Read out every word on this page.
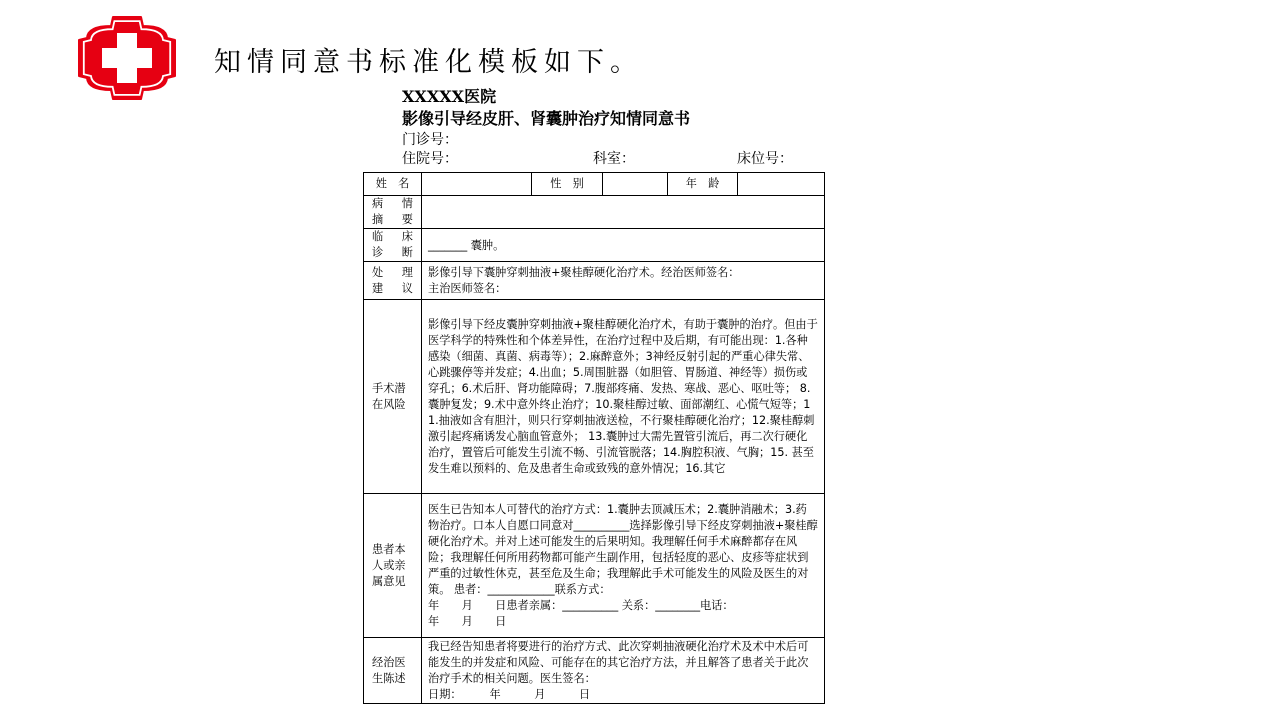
知情同意书标准化模板如下。
XXXXX医院
影像引导经皮肝、肾囊肿治疗知情同意书
门诊号：
住院号：	科室：	床位号：
姓　名		性　别		年　龄	
病　情 摘　要					
临　床 诊　断	_______ 囊肿。				
处　理 建　议	影像引导下囊肿穿刺抽液+聚桂醇硬化治疗术。经治医师签名：
主治医师签名：				

手术潜在风险	影像引导下经皮囊肿穿刺抽液+聚桂醇硬化治疗术，有助于囊肿的治疗。但由于医学科学的特殊性和个体差异性，在治疗过程中及后期，有可能出现：1.各种感染（细菌、真菌、病毒等）；2.麻醉意外；3神经反射引起的严重心律失常、心跳骤停等并发症；4.出血；5.周围脏器（如胆管、胃肠道、神经等）损伤或穿孔；6.术后肝、肾功能障碍；7.腹部疼痛、发热、寒战、恶心、呕吐等； 8.囊肿复发；9.术中意外终止治疗；10.聚桂醇过敏、面部潮红、心慌气短等；11.抽液如含有胆汁，则只行穿刺抽液送检，不行聚桂醇硬化治疗；12.聚桂醇刺激引起疼痛诱发心脑血管意外； 13.囊肿过大需先置管引流后，再二次行硬化治疗，置管后可能发生引流不畅、引流管脱落；14.胸腔积液、气胸；15. 甚至发生难以预料的、危及患者生命或致残的意外情况；16.其它				
患者本人或亲属意见	医生已告知本人可替代的治疗方式：1.囊肿去顶减压术；2.囊肿消融术；3.药物治疗。口本人自愿口同意对__________选择影像引导下经皮穿刺抽液+聚桂醇硬化治疗术。并对上述可能发生的后果明知。我理解任何手术麻醉都存在风险；我理解任何所用药物都可能产生副作用，包括轻度的恶心、皮疹等症状到严重的过敏性休克，甚至危及生命；我理解此手术可能发生的风险及医生的对策。 患者：____________联系方式：
年　　月　　日患者亲属：__________ 关系：________电话：
年　　月　　日				

经治医生陈述	我已经告知患者将要进行的治疗方式、此次穿刺抽液硬化治疗术及术中术后可能发生的并发症和风险、可能存在的其它治疗方法，并且解答了患者关于此次治疗手术的相关问题。医生签名：
日期：　　　年　　　月　　　日				
